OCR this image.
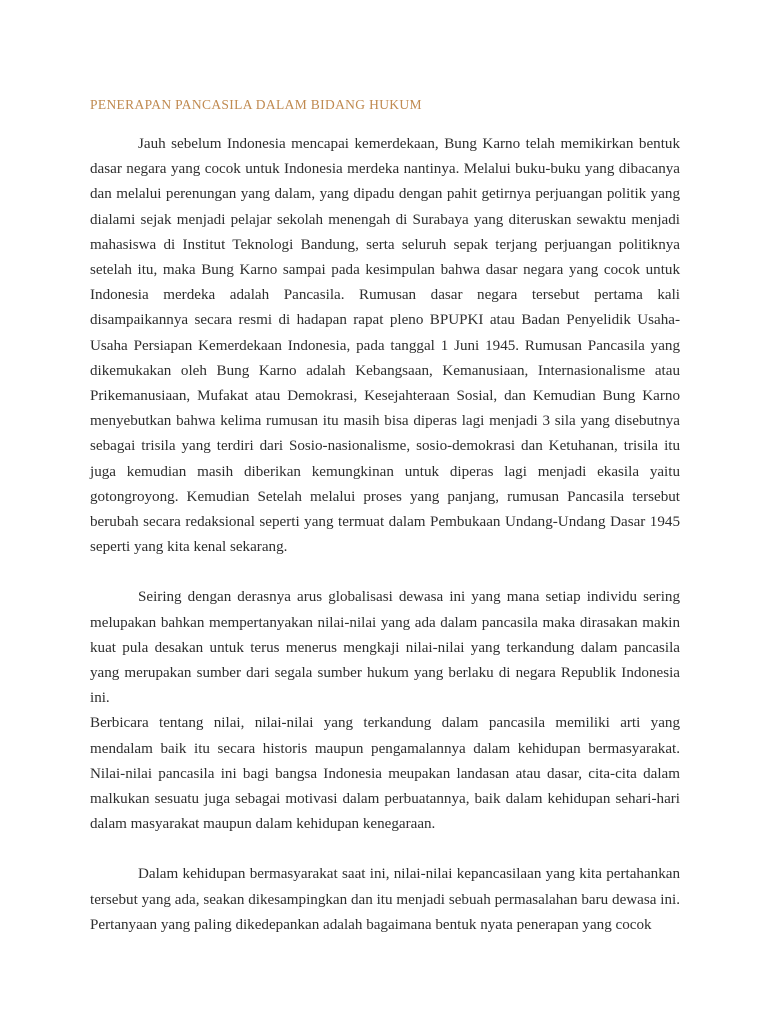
PENERAPAN PANCASILA DALAM BIDANG HUKUM

Jauh sebelum Indonesia mencapai kemerdekaan, Bung Karno telah memikirkan bentuk dasar negara yang cocok untuk Indonesia merdeka nantinya. Melalui buku-buku yang dibacanya dan melalui perenungan yang dalam, yang dipadu dengan pahit getirnya perjuangan politik yang dialami sejak menjadi pelajar sekolah menengah di Surabaya yang diteruskan sewaktu menjadi mahasiswa di Institut Teknologi Bandung, serta seluruh sepak terjang perjuangan politiknya setelah itu, maka Bung Karno sampai pada kesimpulan bahwa dasar negara yang cocok untuk Indonesia merdeka adalah Pancasila. Rumusan dasar negara tersebut pertama kali disampaikannya secara resmi di hadapan rapat pleno BPUPKI atau Badan Penyelidik Usaha-Usaha Persiapan Kemerdekaan Indonesia, pada tanggal 1 Juni 1945. Rumusan Pancasila yang dikemukakan oleh Bung Karno adalah Kebangsaan, Kemanusiaan, Internasionalisme atau Prikemanusiaan, Mufakat atau Demokrasi, Kesejahteraan Sosial, dan Kemudian Bung Karno menyebutkan bahwa kelima rumusan itu masih bisa diperas lagi menjadi 3 sila yang disebutnya sebagai trisila yang terdiri dari Sosio-nasionalisme, sosio-demokrasi dan Ketuhanan, trisila itu juga kemudian masih diberikan kemungkinan untuk diperas lagi menjadi ekasila yaitu gotongroyong. Kemudian Setelah melalui proses yang panjang, rumusan Pancasila tersebut berubah secara redaksional seperti yang termuat dalam Pembukaan Undang-Undang Dasar 1945 seperti yang kita kenal sekarang.

Seiring dengan derasnya arus globalisasi dewasa ini yang mana setiap individu sering melupakan bahkan mempertanyakan nilai-nilai yang ada dalam pancasila maka dirasakan makin kuat pula desakan untuk terus menerus mengkaji nilai-nilai yang terkandung dalam pancasila yang merupakan sumber dari segala sumber hukum yang berlaku di negara Republik Indonesia ini.

Berbicara tentang nilai, nilai-nilai yang terkandung dalam pancasila memiliki arti yang mendalam baik itu secara historis maupun pengamalannya dalam kehidupan bermasyarakat. Nilai-nilai pancasila ini bagi bangsa Indonesia meupakan landasan atau dasar, cita-cita dalam malkukan sesuatu juga sebagai motivasi dalam perbuatannya, baik dalam kehidupan sehari-hari dalam masyarakat maupun dalam kehidupan kenegaraan.

Dalam kehidupan bermasyarakat saat ini, nilai-nilai kepancasilaan yang kita pertahankan tersebut yang ada, seakan dikesampingkan dan itu menjadi sebuah permasalahan baru dewasa ini. Pertanyaan yang paling dikedepankan adalah bagaimana bentuk nyata penerapan yang cocok
